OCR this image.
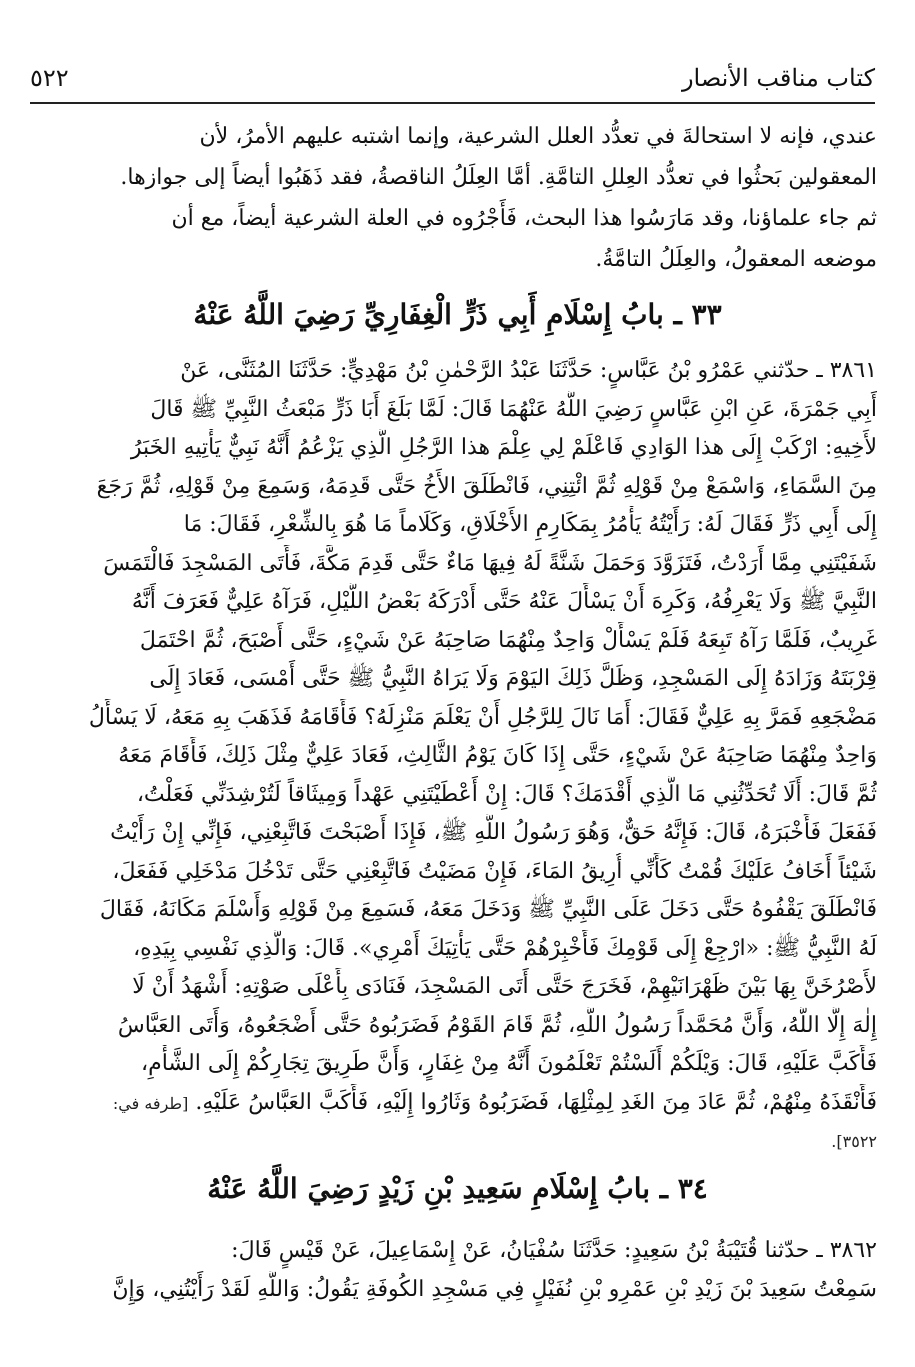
٥٢٢	كتاب مناقب الأنصار
عندي، فإنه لا استحالةَ في تعدُّد العلل الشرعية، وإنما اشتبه عليهم الأمرُ، لأن
المعقولين بَحثُوا في تعدُّد العِللِ التامَّةِ. أمَّا العِلَلُ الناقصةُ، فقد ذَهَبُوا أيضاً إلى جوازها.
ثم جاء علماؤنا، وقد مَارَسُوا هذا البحث، فَأَجْرُوه في العلة الشرعية أيضاً، مع أن
موضعه المعقولُ، والعِلَلُ التامَّةُ.
٣٣ ـ بابُ إِسْلَامِ أَبِي ذَرٍّ الْغِفَارِيِّ رَضِيَ اللَّهُ عَنْهُ
٣٨٦١ ـ حدّثني عَمْرُو بْنُ عَبَّاسٍ: حَدَّثَنَا عَبْدُ الرَّحْمٰنِ بْنُ مَهْدِيٍّ: حَدَّثَنَا المُثَنَّى، عَنْ
أَبِي جَمْرَةَ، عَنِ ابْنِ عَبَّاسٍ رَضِيَ اللَّهُ عَنْهُمَا قَالَ: لَمَّا بَلَغَ أَبَا ذَرٍّ مَبْعَثُ النَّبِيِّ ﷺ قَالَ
لأَخِيهِ: ارْكَبْ إِلَى هذا الوَادِي فَاعْلَمْ لِي عِلْمَ هذا الرَّجُلِ الَّذِي يَزْعُمُ أَنَّهُ نَبِيٌّ يَأْتِيهِ الخَبَرُ
مِنَ السَّمَاءِ، وَاسْمَعْ مِنْ قَوْلِهِ ثُمَّ ائْتِنِي، فَانْطَلَقَ الأَخُ حَتَّى قَدِمَهُ، وَسَمِعَ مِنْ قَوْلِهِ، ثُمَّ رَجَعَ
إِلَى أَبِي ذَرٍّ فَقَالَ لَهُ: رَأَيْتُهُ يَأْمُرُ بِمَكَارِمِ الأَخْلَاقِ، وَكَلَاماً مَا هُوَ بِالشِّعْرِ، فَقَالَ: مَا
شَفَيْتَنِي مِمَّا أَرَدْتُ، فَتَزَوَّدَ وَحَمَلَ شَنَّةً لَهُ فِيهَا مَاءٌ حَتَّى قَدِمَ مَكَّةَ، فَأَتَى المَسْجِدَ فَالْتَمَسَ
النَّبِيَّ ﷺ وَلَا يَعْرِفُهُ، وَكَرِهَ أَنْ يَسْأَلَ عَنْهُ حَتَّى أَدْرَكَهُ بَعْضُ اللَّيْلِ، فَرَآهُ عَلِيٌّ فَعَرَفَ أَنَّهُ
غَرِيبٌ، فَلَمَّا رَآهُ تَبِعَهُ فَلَمْ يَسْأَلْ وَاحِدٌ مِنْهُمَا صَاحِبَهُ عَنْ شَيْءٍ، حَتَّى أَصْبَحَ، ثُمَّ احْتَمَلَ
قِرْبَتَهُ وَزَادَهُ إِلَى المَسْجِدِ، وَظَلَّ ذَلِكَ اليَوْمَ وَلَا يَرَاهُ النَّبِيُّ ﷺ حَتَّى أَمْسَى، فَعَادَ إِلَى
مَضْجَعِهِ فَمَرَّ بِهِ عَلِيٌّ فَقَالَ: أَمَا نَالَ لِلرَّجُلِ أَنْ يَعْلَمَ مَنْزِلَهُ؟ فَأَقَامَهُ فَذَهَبَ بِهِ مَعَهُ، لَا يَسْأَلُ
وَاحِدٌ مِنْهُمَا صَاحِبَهُ عَنْ شَيْءٍ، حَتَّى إِذَا كَانَ يَوْمُ الثَّالِثِ، فَعَادَ عَلِيٌّ مِثْلَ ذَلِكَ، فَأَقَامَ مَعَهُ
ثُمَّ قَالَ: أَلَا تُحَدِّثُنِي مَا الَّذِي أَقْدَمَكَ؟ قَالَ: إِنْ أَعْطَيْتَنِي عَهْداً وَمِيثَاقاً لَتُرْشِدَنِّي فَعَلْتُ،
فَفَعَلَ فَأَخْبَرَهُ، قَالَ: فَإِنَّهُ حَقٌّ، وَهُوَ رَسُولُ اللَّهِ ﷺ، فَإِذَا أَصْبَحْتَ فَاتَّبِعْنِي، فَإِنِّي إِنْ رَأَيْتُ
شَيْئاً أَخَافُ عَلَيْكَ قُمْتُ كَأَنِّي أُرِيقُ المَاءَ، فَإِنْ مَضَيْتُ فَاتَّبِعْنِي حَتَّى تَدْخُلَ مَدْخَلِي فَفَعَلَ،
فَانْطَلَقَ يَقْفُوهُ حَتَّى دَخَلَ عَلَى النَّبِيِّ ﷺ وَدَخَلَ مَعَهُ، فَسَمِعَ مِنْ قَوْلِهِ وَأَسْلَمَ مَكَانَهُ، فَقَالَ
لَهُ النَّبِيُّ ﷺ: «ارْجِعْ إِلَى قَوْمِكَ فَأَخْبِرْهُمْ حَتَّى يَأْتِيَكَ أَمْرِي». قَالَ: وَالَّذِي نَفْسِي بِيَدِهِ،
لأَصْرُخَنَّ بِهَا بَيْنَ ظَهْرَانَيْهِمْ، فَخَرَجَ حَتَّى أَتَى المَسْجِدَ، فَنَادَى بِأَعْلَى صَوْتِهِ: أَشْهَدُ أَنْ لَا
إِلٰهَ إِلَّا اللَّهُ، وَأَنَّ مُحَمَّداً رَسُولُ اللَّهِ، ثُمَّ قَامَ القَوْمُ فَضَرَبُوهُ حَتَّى أَضْجَعُوهُ، وَأَتَى العَبَّاسُ
فَأَكَبَّ عَلَيْهِ، قَالَ: وَيْلَكُمْ أَلَسْتُمْ تَعْلَمُونَ أَنَّهُ مِنْ غِفَارٍ، وَأَنَّ طَرِيقَ تِجَارِكُمْ إِلَى الشَّأْمِ،
فَأَنْقَذَهُ مِنْهُمْ، ثُمَّ عَادَ مِنَ الغَدِ لِمِثْلِهَا، فَضَرَبُوهُ وَثَارُوا إِلَيْهِ، فَأَكَبَّ العَبَّاسُ عَلَيْهِ. [طرفه في:
٣٥٢٢].
٣٤ ـ بابُ إِسْلَامِ سَعِيدِ بْنِ زَيْدٍ رَضِيَ اللَّهُ عَنْهُ
٣٨٦٢ ـ حدّثنا قُتَيْبَةُ بْنُ سَعِيدٍ: حَدَّثَنَا سُفْيَانُ، عَنْ إِسْمَاعِيلَ، عَنْ قَيْسٍ قَالَ:
سَمِعْتُ سَعِيدَ بْنَ زَيْدِ بْنِ عَمْرِو بْنِ نُفَيْلٍ فِي مَسْجِدِ الكُوفَةِ يَقُولُ: وَاللَّهِ لَقَدْ رَأَيْتُنِي، وَإِنَّ
